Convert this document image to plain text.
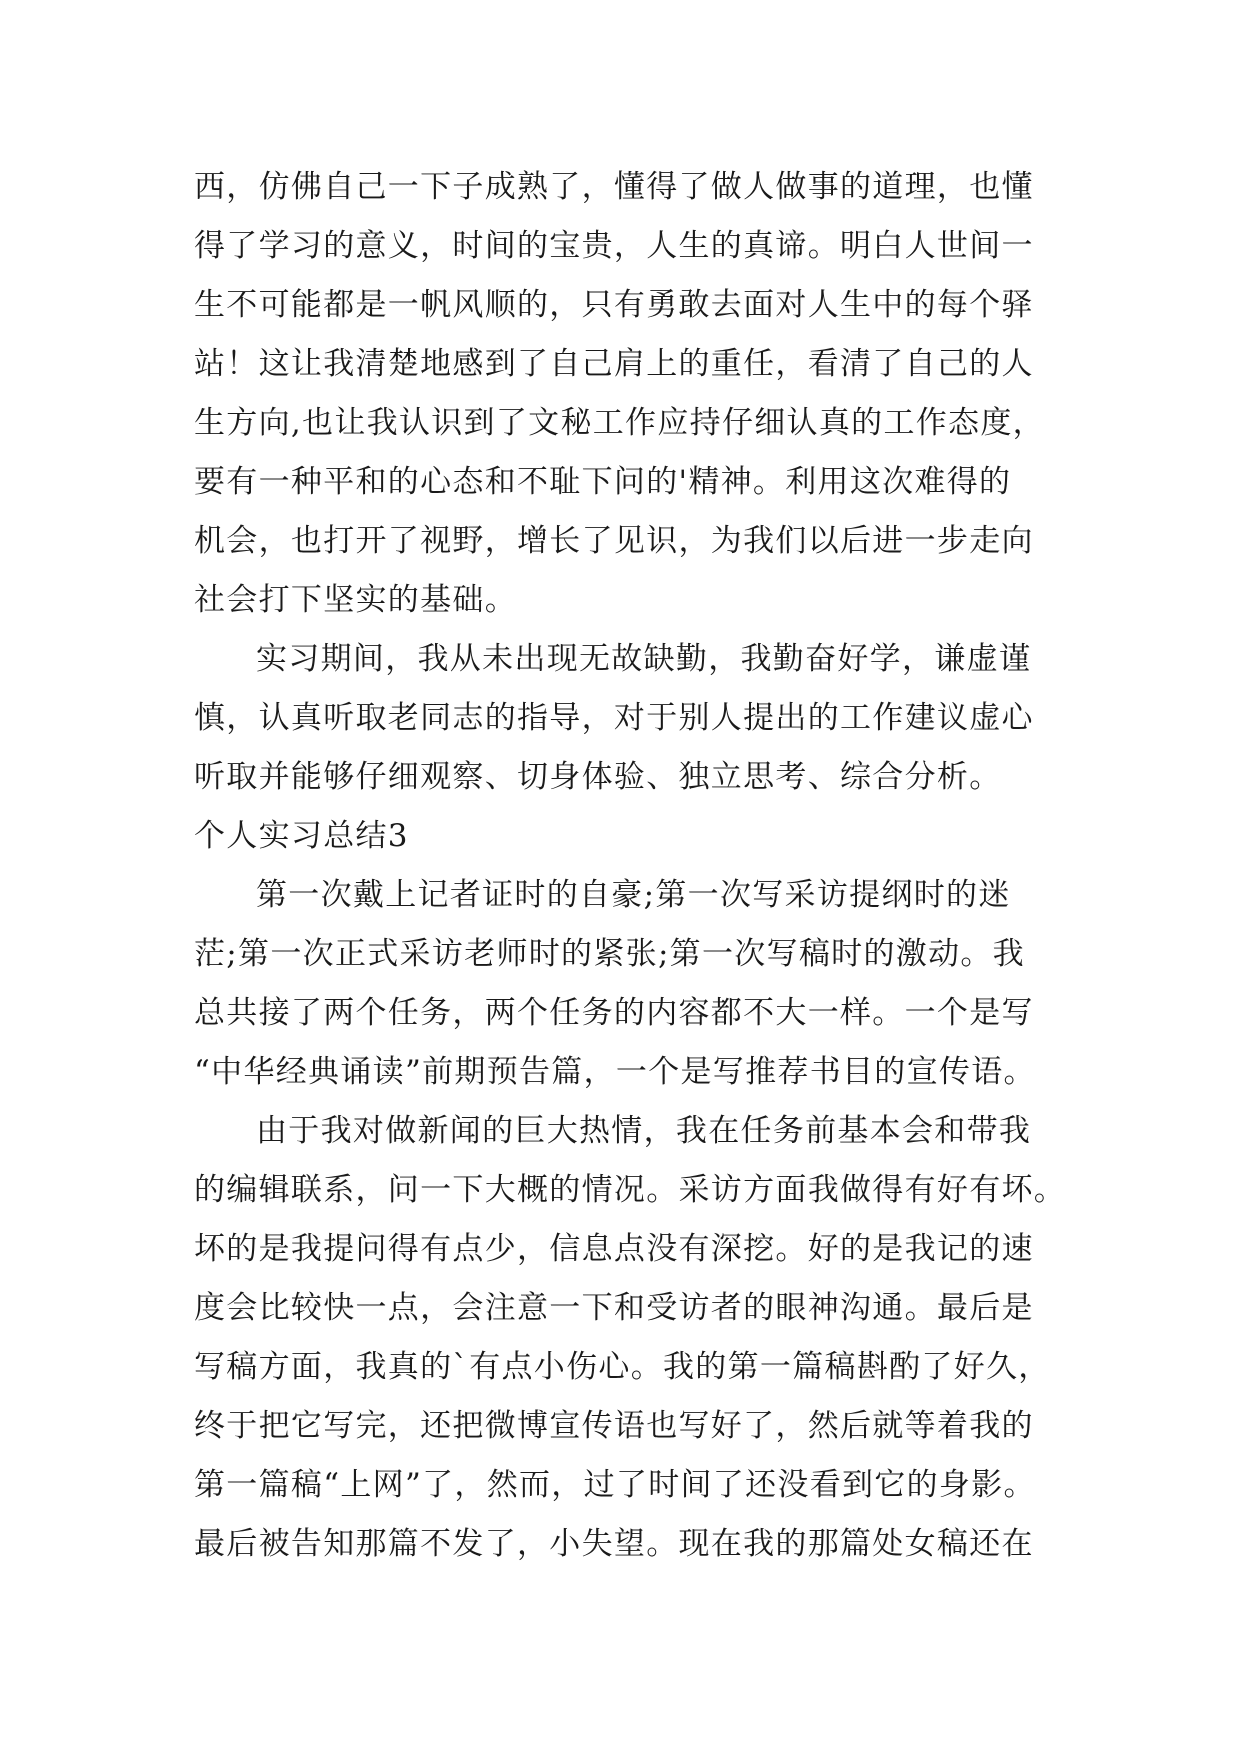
西，仿佛自己一下子成熟了，懂得了做人做事的道理，也懂
得了学习的意义，时间的宝贵，人生的真谛。明白人世间一
生不可能都是一帆风顺的，只有勇敢去面对人生中的每个驿
站！这让我清楚地感到了自己肩上的重任，看清了自己的人
生方向,也让我认识到了文秘工作应持仔细认真的工作态度，
要有一种平和的心态和不耻下问的'精神。利用这次难得的
机会，也打开了视野，增长了见识，为我们以后进一步走向
社会打下坚实的基础。
实习期间，我从未出现无故缺勤，我勤奋好学，谦虚谨
慎，认真听取老同志的指导，对于别人提出的工作建议虚心
听取并能够仔细观察、切身体验、独立思考、综合分析。
个人实习总结3
第一次戴上记者证时的自豪;第一次写采访提纲时的迷
茫;第一次正式采访老师时的紧张;第一次写稿时的激动。我
总共接了两个任务，两个任务的内容都不大一样。一个是写
“中华经典诵读”前期预告篇，一个是写推荐书目的宣传语。
由于我对做新闻的巨大热情，我在任务前基本会和带我
的编辑联系，问一下大概的情况。采访方面我做得有好有坏。
坏的是我提问得有点少，信息点没有深挖。好的是我记的速
度会比较快一点，会注意一下和受访者的眼神沟通。最后是
写稿方面，我真的`有点小伤心。我的第一篇稿斟酌了好久，
终于把它写完，还把微博宣传语也写好了，然后就等着我的
第一篇稿“上网”了，然而，过了时间了还没看到它的身影。
最后被告知那篇不发了，小失望。现在我的那篇处女稿还在
